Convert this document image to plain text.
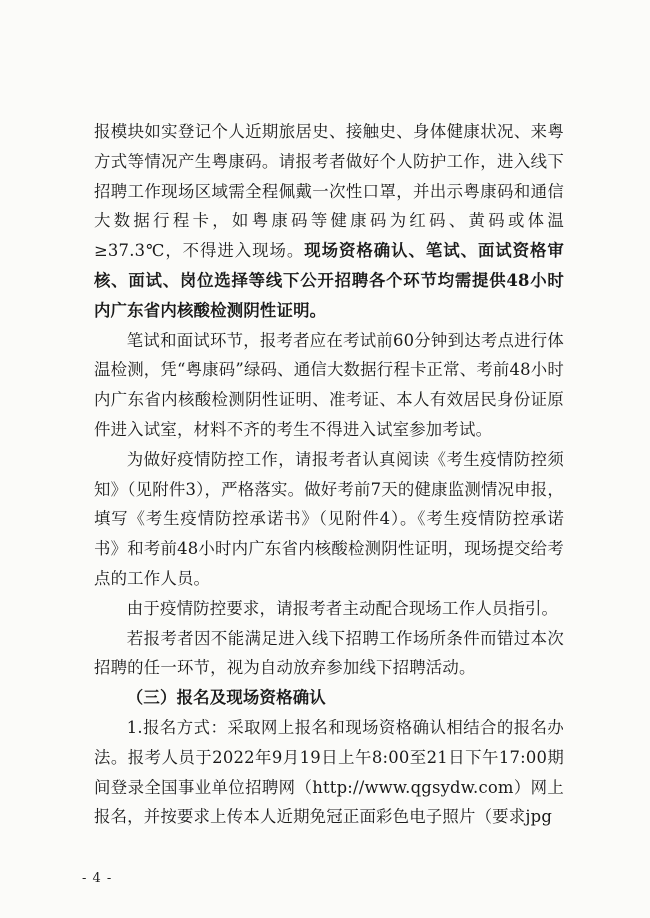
报模块如实登记个人近期旅居史、接触史、身体健康状况、来粤方式等情况产生粤康码。请报考者做好个人防护工作，进入线下招聘工作现场区域需全程佩戴一次性口罩，并出示粤康码和通信大数据行程卡，如粤康码等健康码为红码、黄码或体温≥37.3℃，不得进入现场。现场资格确认、笔试、面试资格审核、面试、岗位选择等线下公开招聘各个环节均需提供48小时内广东省内核酸检测阴性证明。

笔试和面试环节，报考者应在考试前60分钟到达考点进行体温检测，凭“粤康码”绿码、通信大数据行程卡正常、考前48小时内广东省内核酸检测阴性证明、准考证、本人有效居民身份证原件进入试室，材料不齐的考生不得进入试室参加考试。

为做好疫情防控工作，请报考者认真阅读《考生疫情防控须知》（见附件3），严格落实。做好考前7天的健康监测情况申报，填写《考生疫情防控承诺书》（见附件4）。《考生疫情防控承诺书》和考前48小时内广东省内核酸检测阴性证明，现场提交给考点的工作人员。

由于疫情防控要求，请报考者主动配合现场工作人员指引。

若报考者因不能满足进入线下招聘工作场所条件而错过本次招聘的任一环节，视为自动放弃参加线下招聘活动。

（三）报名及现场资格确认

1.报名方式：采取网上报名和现场资格确认相结合的报名办法。报考人员于2022年9月19日上午8:00至21日下午17:00期间登录全国事业单位招聘网（http://www.qgsydw.com）网上报名，并按要求上传本人近期免冠正面彩色电子照片（要求jpg

- 4 -
